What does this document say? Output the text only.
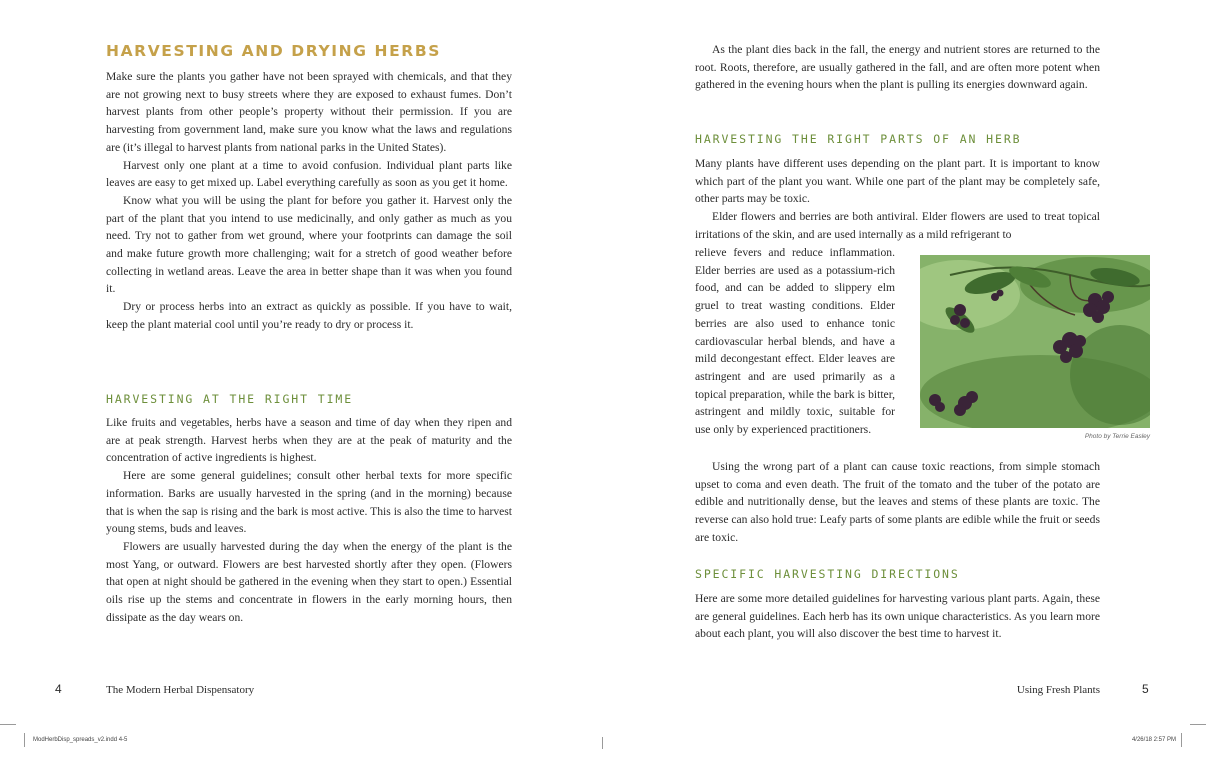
HARVESTING AND DRYING HERBS

Make sure the plants you gather have not been sprayed with chemicals, and that they are not growing next to busy streets where they are exposed to exhaust fumes. Don’t harvest plants from other people’s property without their permission. If you are harvesting from government land, make sure you know what the laws and regulations are (it’s illegal to harvest plants from national parks in the United States).

Harvest only one plant at a time to avoid confusion. Individual plant parts like leaves are easy to get mixed up. Label everything carefully as soon as you get it home.

Know what you will be using the plant for before you gather it. Harvest only the part of the plant that you intend to use medicinally, and only gather as much as you need. Try not to gather from wet ground, where your footprints can damage the soil and make future growth more challenging; wait for a stretch of good weather before collecting in wetland areas. Leave the area in better shape than it was when you found it.

Dry or process herbs into an extract as quickly as possible. If you have to wait, keep the plant material cool until you’re ready to dry or process it.

HARVESTING AT THE RIGHT TIME

Like fruits and vegetables, herbs have a season and time of day when they ripen and are at peak strength. Harvest herbs when they are at the peak of maturity and the concentration of active ingredients is highest.

Here are some general guidelines; consult other herbal texts for more specific information. Barks are usually harvested in the spring (and in the morning) because that is when the sap is rising and the bark is most active. This is also the time to harvest young stems, buds and leaves.

Flowers are usually harvested during the day when the energy of the plant is the most Yang, or outward. Flowers are best harvested shortly after they open. (Flowers that open at night should be gathered in the evening when they start to open.) Essential oils rise up the stems and concentrate in flowers in the early morning hours, then dissipate as the day wears on.

4	The Modern Herbal Dispensatory

As the plant dies back in the fall, the energy and nutrient stores are returned to the root. Roots, therefore, are usually gathered in the fall, and are often more potent when gathered in the evening hours when the plant is pulling its energies downward again.

HARVESTING THE RIGHT PARTS OF AN HERB

Many plants have different uses depending on the plant part. It is important to know which part of the plant you want. While one part of the plant may be completely safe, other parts may be toxic.

Elder flowers and berries are both antiviral. Elder flowers are used to treat topical irritations of the skin, and are used internally as a mild refrigerant to

relieve fevers and reduce inflammation. Elder berries are used as a potassium-rich food, and can be added to slippery elm gruel to treat wasting conditions. Elder berries are also used to enhance tonic cardiovascular herbal blends, and have a mild decongestant effect. Elder leaves are astringent and are used primarily as a topical preparation, while the bark is bitter, astringent and mildly toxic, suitable for use only by experienced practitioners.

Photo by Terrie Easley

Using the wrong part of a plant can cause toxic reactions, from simple stomach upset to coma and even death. The fruit of the tomato and the tuber of the potato are edible and nutritionally dense, but the leaves and stems of these plants are toxic. The reverse can also hold true: Leafy parts of some plants are edible while the fruit or seeds are toxic.

SPECIFIC HARVESTING DIRECTIONS

Here are some more detailed guidelines for harvesting various plant parts. Again, these are general guidelines. Each herb has its own unique characteristics. As you learn more about each plant, you will also discover the best time to harvest it.

Using Fresh Plants	5
ModHerbDisp_spreads_v2.indd 4-5	4/26/18 2:57 PM
